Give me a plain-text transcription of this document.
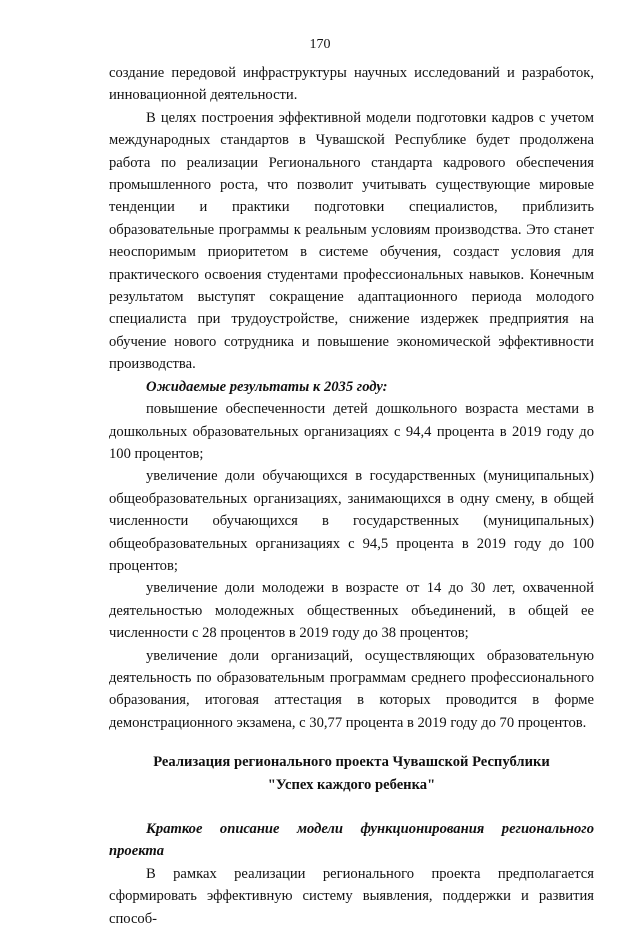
170

создание передовой инфраструктуры научных исследований и разработок, инновационной деятельности.

В целях построения эффективной модели подготовки кадров с учетом международных стандартов в Чувашской Республике будет продолжена работа по реализации Регионального стандарта кадрового обеспечения промышленного роста, что позволит учитывать существующие мировые тенденции и практики подготовки специалистов, приблизить образовательные программы к реальным условиям производства. Это станет неоспоримым приоритетом в системе обучения, создаст условия для практического освоения студентами профессиональных навыков. Конечным результатом выступят сокращение адаптационного периода молодого специалиста при трудоустройстве, снижение издержек предприятия на обучение нового сотрудника и повышение экономической эффективности производства.

Ожидаемые результаты к 2035 году:

повышение обеспеченности детей дошкольного возраста местами в дошкольных образовательных организациях с 94,4 процента в 2019 году до 100 процентов;

увеличение доли обучающихся в государственных (муниципальных) общеобразовательных организациях, занимающихся в одну смену, в общей численности обучающихся в государственных (муниципальных) общеобразовательных организациях с 94,5 процента в 2019 году до 100 процентов;

увеличение доли молодежи в возрасте от 14 до 30 лет, охваченной деятельностью молодежных общественных объединений, в общей ее численности с 28 процентов в 2019 году до 38 процентов;

увеличение доли организаций, осуществляющих образовательную деятельность по образовательным программам среднего профессионального образования, итоговая аттестация в которых проводится в форме демонстрационного экзамена, с 30,77 процента в 2019 году до 70 процентов.

Реализация регионального проекта Чувашской Республики

"Успех каждого ребенка"

Краткое описание модели функционирования регионального проекта

В рамках реализации регионального проекта предполагается сформировать эффективную систему выявления, поддержки и развития способ-
